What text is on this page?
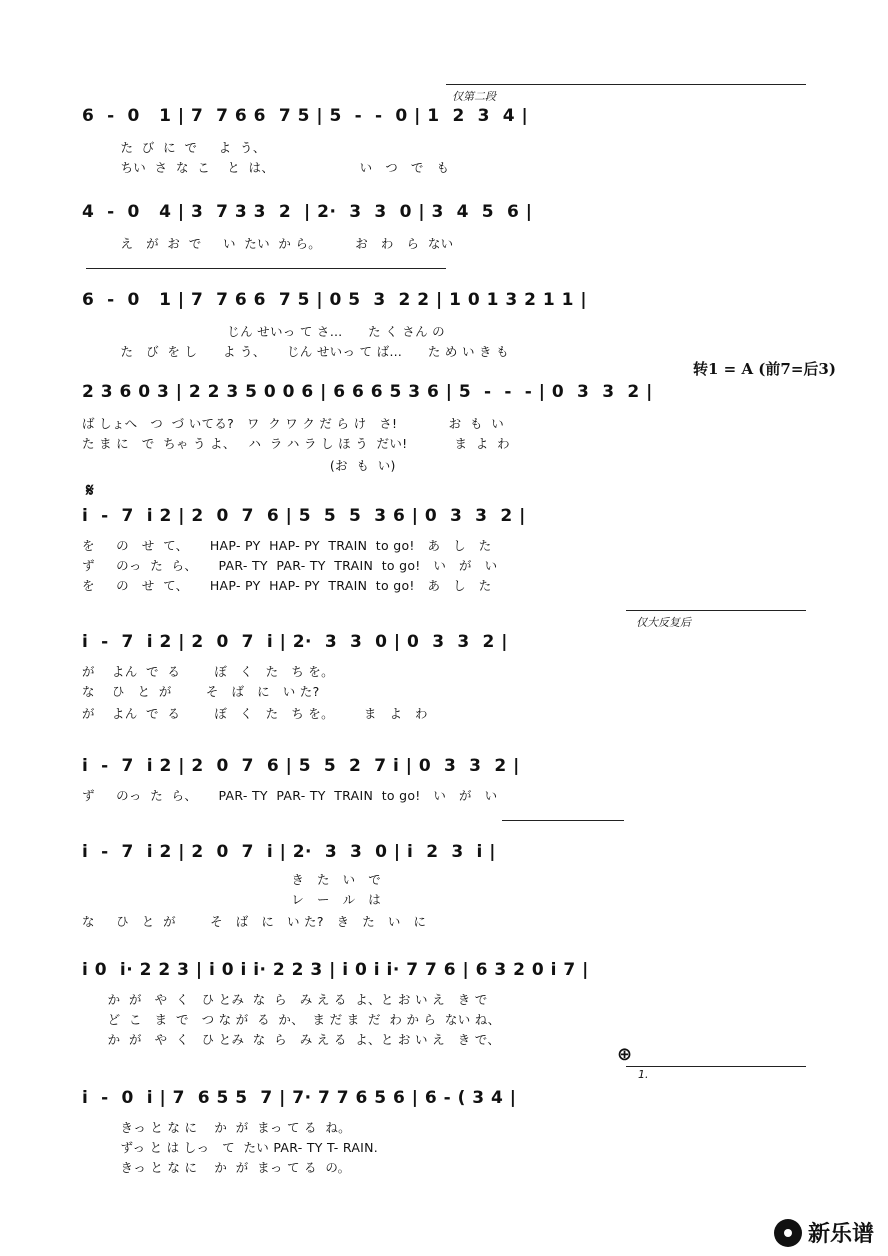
仅第二段
转1 = A (前7=后3)
𝄋
仅大反复后
⊕
1.
6  -  0   1 | 7  7 6 6  7 5 | 5  -  -  0 | 1  2  3  4 |
た  び  に  で     よ  う、
ちい  さ  な  こ    と  は、                    い   つ   で   も
4  -  0   4 | 3  7 3 3  2  | 2·  3  3  0 | 3  4  5  6 |
え   が  お  で     い  たい  か ら。        お   わ   ら  ない
6  -  0   1 | 7  7 6 6  7 5 | 0 5  3  2 2 | 1 0 1 3 2 1 1 |
じん せいっ て さ…      た く さん の
た   び  を し      よ う、     じん せいっ て ば…      た め い き も
2 3 6 0 3 | 2 2 3 5 0 0 6 | 6 6 6 5 3 6 | 5  -  -  - | 0  3  3  2 |
ば しょへ   つ  づ いてる?   ワ  ク ワ ク だ ら け   さ!            お  も  い
た ま に   で  ちゃ う よ、   ハ  ラ ハ ラ し ほ う  だい!           ま  よ  わ
(お  も  い)
i  -  7  i 2 | 2  0  7  6 | 5  5  5  3 6 | 0  3  3  2 |
を     の   せ  て、     HAP- PY  HAP- PY  TRAIN  to go!   あ   し   た
ず     のっ  た  ら、     PAR- TY  PAR- TY  TRAIN  to go!   い   が   い
を     の   せ  て、     HAP- PY  HAP- PY  TRAIN  to go!   あ   し   た
i  -  7  i 2 | 2  0  7  i | 2·  3  3  0 | 0  3  3  2 |
が    よん  で  る        ぼ   く   た   ち を。
な    ひ   と  が        そ   ば   に   い た?
が    よん  で  る        ぼ   く   た   ち を。       ま   よ   わ
i  -  7  i 2 | 2  0  7  6 | 5  5  2  7 i | 0  3  3  2 |
ず     のっ  た  ら、     PAR- TY  PAR- TY  TRAIN  to go!   い   が   い
i  -  7  i 2 | 2  0  7  i | 2·  3  3  0 | i  2  3  i |
き   た   い   で
レ   ー   ル   は
な     ひ   と  が        そ   ば   に   い た?   き   た   い   に
i 0  i· 2 2 3 | i 0 i i· 2 2 3 | i 0 i i· 7 7 6 | 6 3 2 0 i 7 |
か  が   や  く   ひ とみ  な  ら   み え る  よ、と お い え   き で
ど  こ   ま  で   つ な が  る  か、  ま だ ま  だ  わ か ら  ない ね、
か  が   や  く   ひ とみ  な  ら   み え る  よ、と お い え   き で、
i  -  0  i | 7  6 5 5  7 | 7· 7 7 6 5 6 | 6 - ( 3 4 |
きっ と な に    か  が  まっ て る  ね。
ずっ と は しっ   て  たい PAR- TY T- RAIN.
きっ と な に    か  が  まっ て る  の。
新乐谱
